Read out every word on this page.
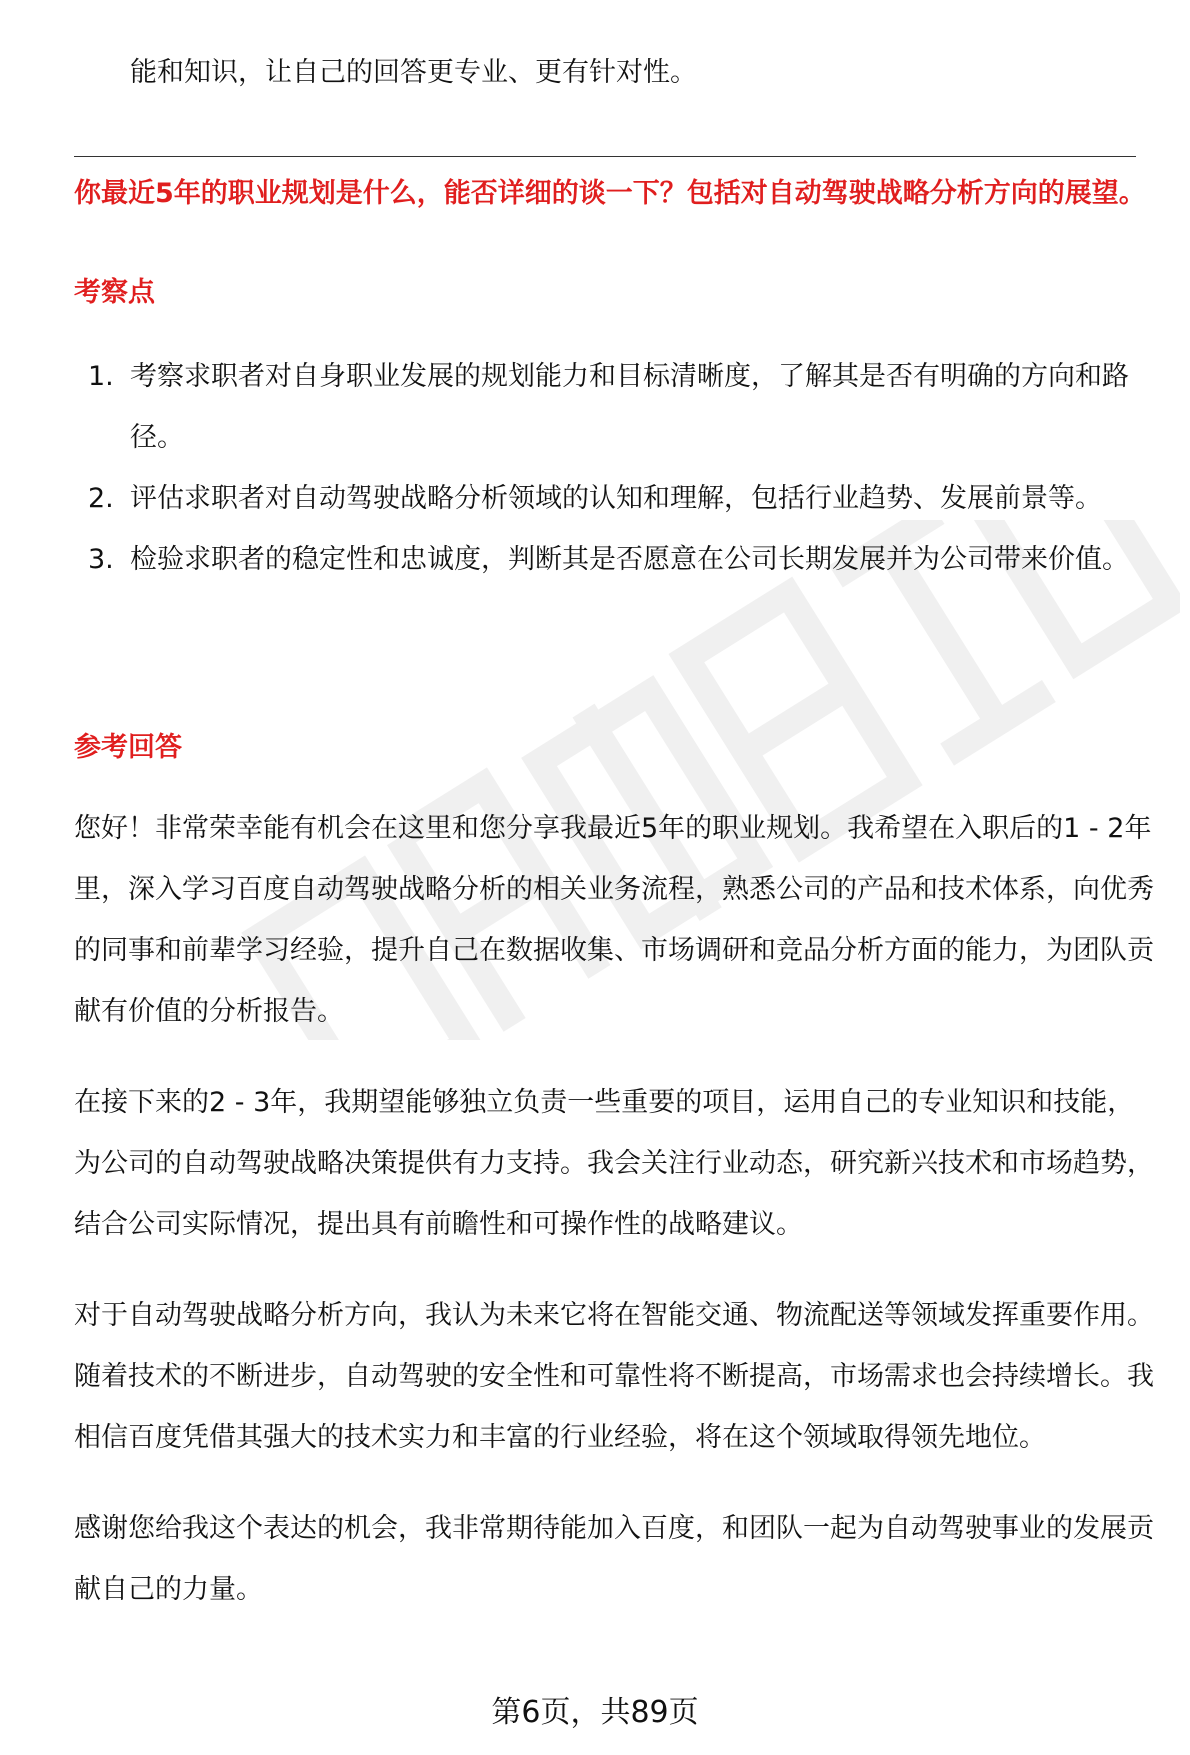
能和知识，让自己的回答更专业、更有针对性。
你最近5年的职业规划是什么，能否详细的谈一下？包括对自动驾驶战略分析方向的展望。
考察点
1. 考察求职者对自身职业发展的规划能力和目标清晰度，了解其是否有明确的方向和路径。
2. 评估求职者对自动驾驶战略分析领域的认知和理解，包括行业趋势、发展前景等。
3. 检验求职者的稳定性和忠诚度，判断其是否愿意在公司长期发展并为公司带来价值。
参考回答

您好！非常荣幸能有机会在这里和您分享我最近5年的职业规划。我希望在入职后的1 - 2年里，深入学习百度自动驾驶战略分析的相关业务流程，熟悉公司的产品和技术体系，向优秀的同事和前辈学习经验，提升自己在数据收集、市场调研和竞品分析方面的能力，为团队贡献有价值的分析报告。

在接下来的2 - 3年，我期望能够独立负责一些重要的项目，运用自己的专业知识和技能，为公司的自动驾驶战略决策提供有力支持。我会关注行业动态，研究新兴技术和市场趋势，结合公司实际情况，提出具有前瞻性和可操作性的战略建议。

对于自动驾驶战略分析方向，我认为未来它将在智能交通、物流配送等领域发挥重要作用。随着技术的不断进步，自动驾驶的安全性和可靠性将不断提高，市场需求也会持续增长。我相信百度凭借其强大的技术实力和丰富的行业经验，将在这个领域取得领先地位。

感谢您给我这个表达的机会，我非常期待能加入百度，和团队一起为自动驾驶事业的发展贡献自己的力量。

第6页，共89页
